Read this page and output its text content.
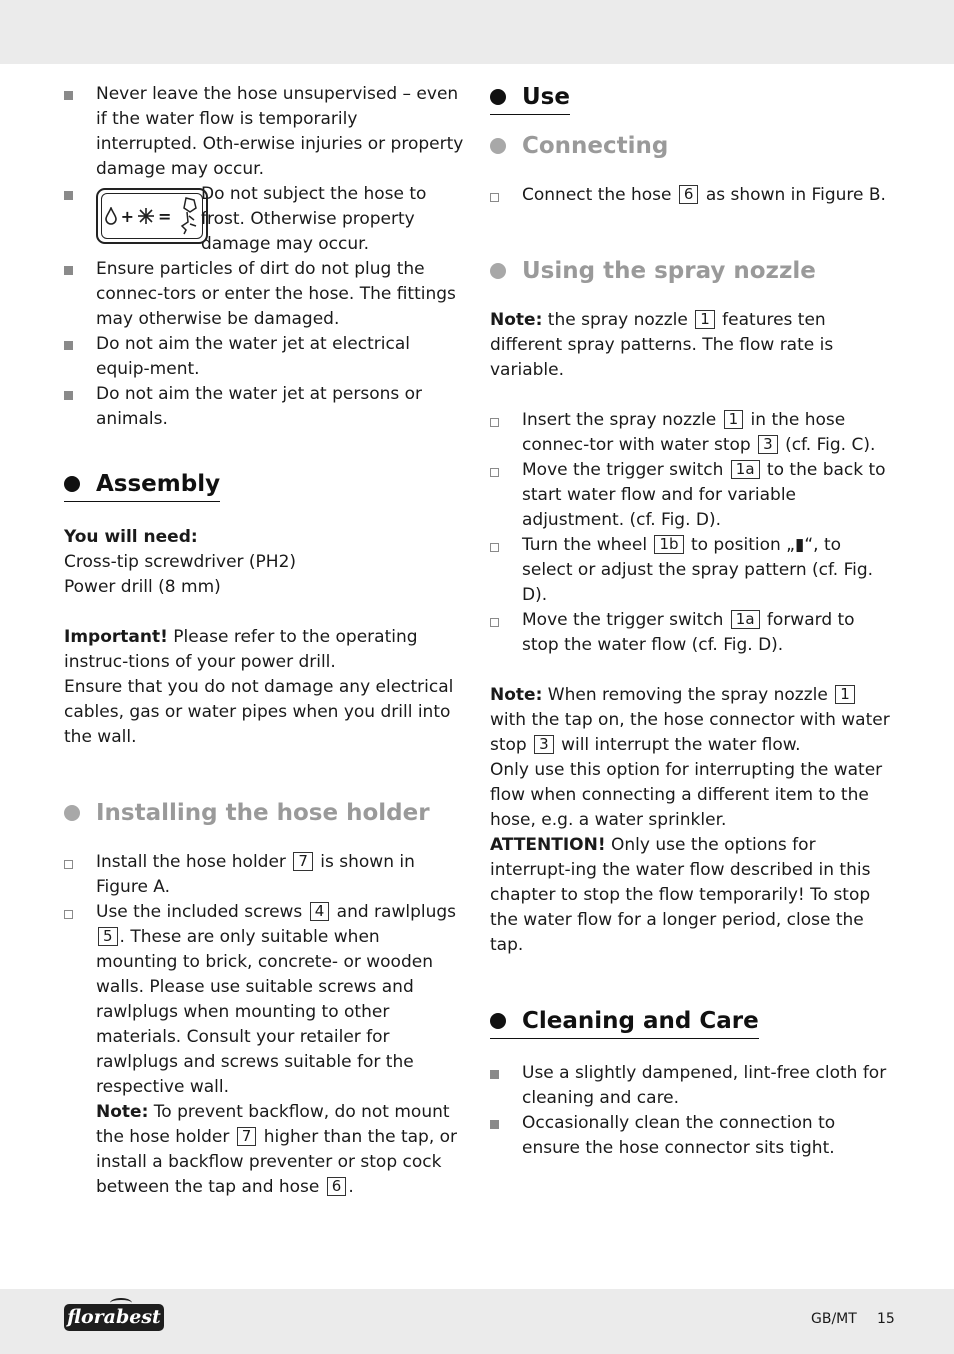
Never leave the hose unsupervised – even if the water flow is temporarily interrupted. Oth-erwise injuries or property damage may occur.

+ =

Do not subject the hose to frost. Otherwise property damage may occur.

Ensure particles of dirt do not plug the connec-tors or enter the hose. The fittings may otherwise be damaged.

Do not aim the water jet at electrical equip-ment.

Do not aim the water jet at persons or animals.

Assembly

You will need:

Cross-tip screwdriver (PH2)

Power drill (8 mm)

Important! Please refer to the operating instruc-tions of your power drill.

Ensure that you do not damage any electrical cables, gas or water pipes when you drill into the wall.

Installing the hose holder

Install the hose holder 7 is shown in Figure A.

Use the included screws 4 and rawlplugs 5 . These are only suitable when mounting to brick, concrete- or wooden walls. Please use suitable screws and rawlplugs when mounting to other materials. Consult your retailer for rawlplugs and screws suitable for the respective wall.

Note: To prevent backflow, do not mount the hose holder 7 higher than the tap, or install a backflow preventer or stop cock between the tap and hose 6 .

Use
Connecting

Connect the hose 6 as shown in Figure B.

Using the spray nozzle

Note: the spray nozzle 1 features ten different spray patterns. The flow rate is variable.

Insert the spray nozzle 1 in the hose connec-tor with water stop 3 (cf. Fig. C).

Move the trigger switch 1a to the back to start water flow and for variable adjustment. (cf. Fig. D).

Turn the wheel 1b to position „▮“, to select or adjust the spray pattern (cf. Fig. D).

Move the trigger switch 1a forward to stop the water flow (cf. Fig. D).

Note: When removing the spray nozzle 1 with the tap on, the hose connector with water stop 3 will interrupt the water flow.

Only use this option for interrupting the water flow when connecting a different item to the hose, e.g. a water sprinkler.

ATTENTION! Only use the options for interrupt-ing the water flow described in this chapter to stop the flow temporarily! To stop the water flow for a longer period, close the tap.

Cleaning and Care

Use a slightly dampened, lint-free cloth for cleaning and care.

Occasionally clean the connection to ensure the hose connector sits tight.

florabest	GB/MT 15
